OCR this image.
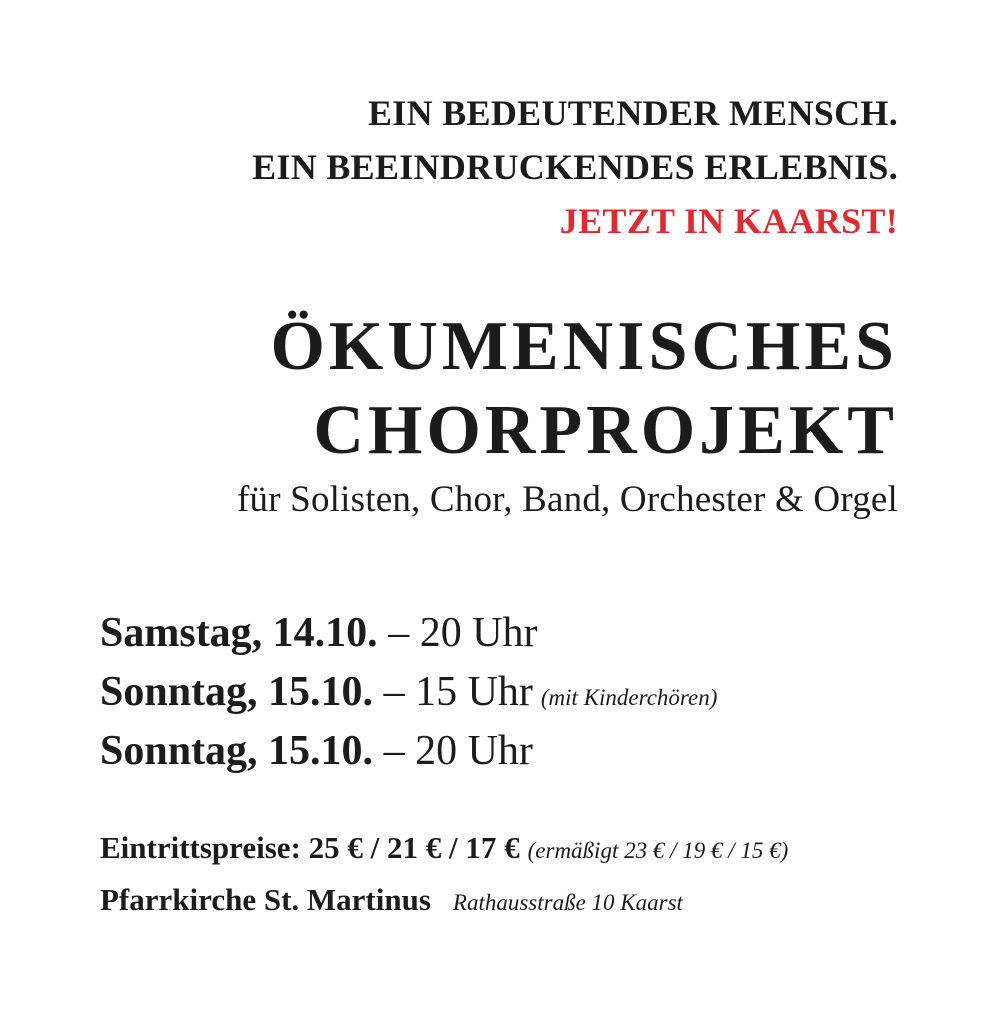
EIN BEDEUTENDER MENSCH.
EIN BEEINDRUCKENDES ERLEBNIS.
JETZT IN KAARST!
ÖKUMENISCHES
CHORPROJEKT
für Solisten, Chor, Band, Orchester & Orgel
Samstag, 14.10. – 20 Uhr
Sonntag, 15.10. – 15 Uhr (mit Kinderchören)
Sonntag, 15.10. – 20 Uhr
Eintrittspreise: 25 € / 21 € / 17 € (ermäßigt 23 € / 19 € / 15 €)
Pfarrkirche St. Martinus Rathausstraße 10 Kaarst
